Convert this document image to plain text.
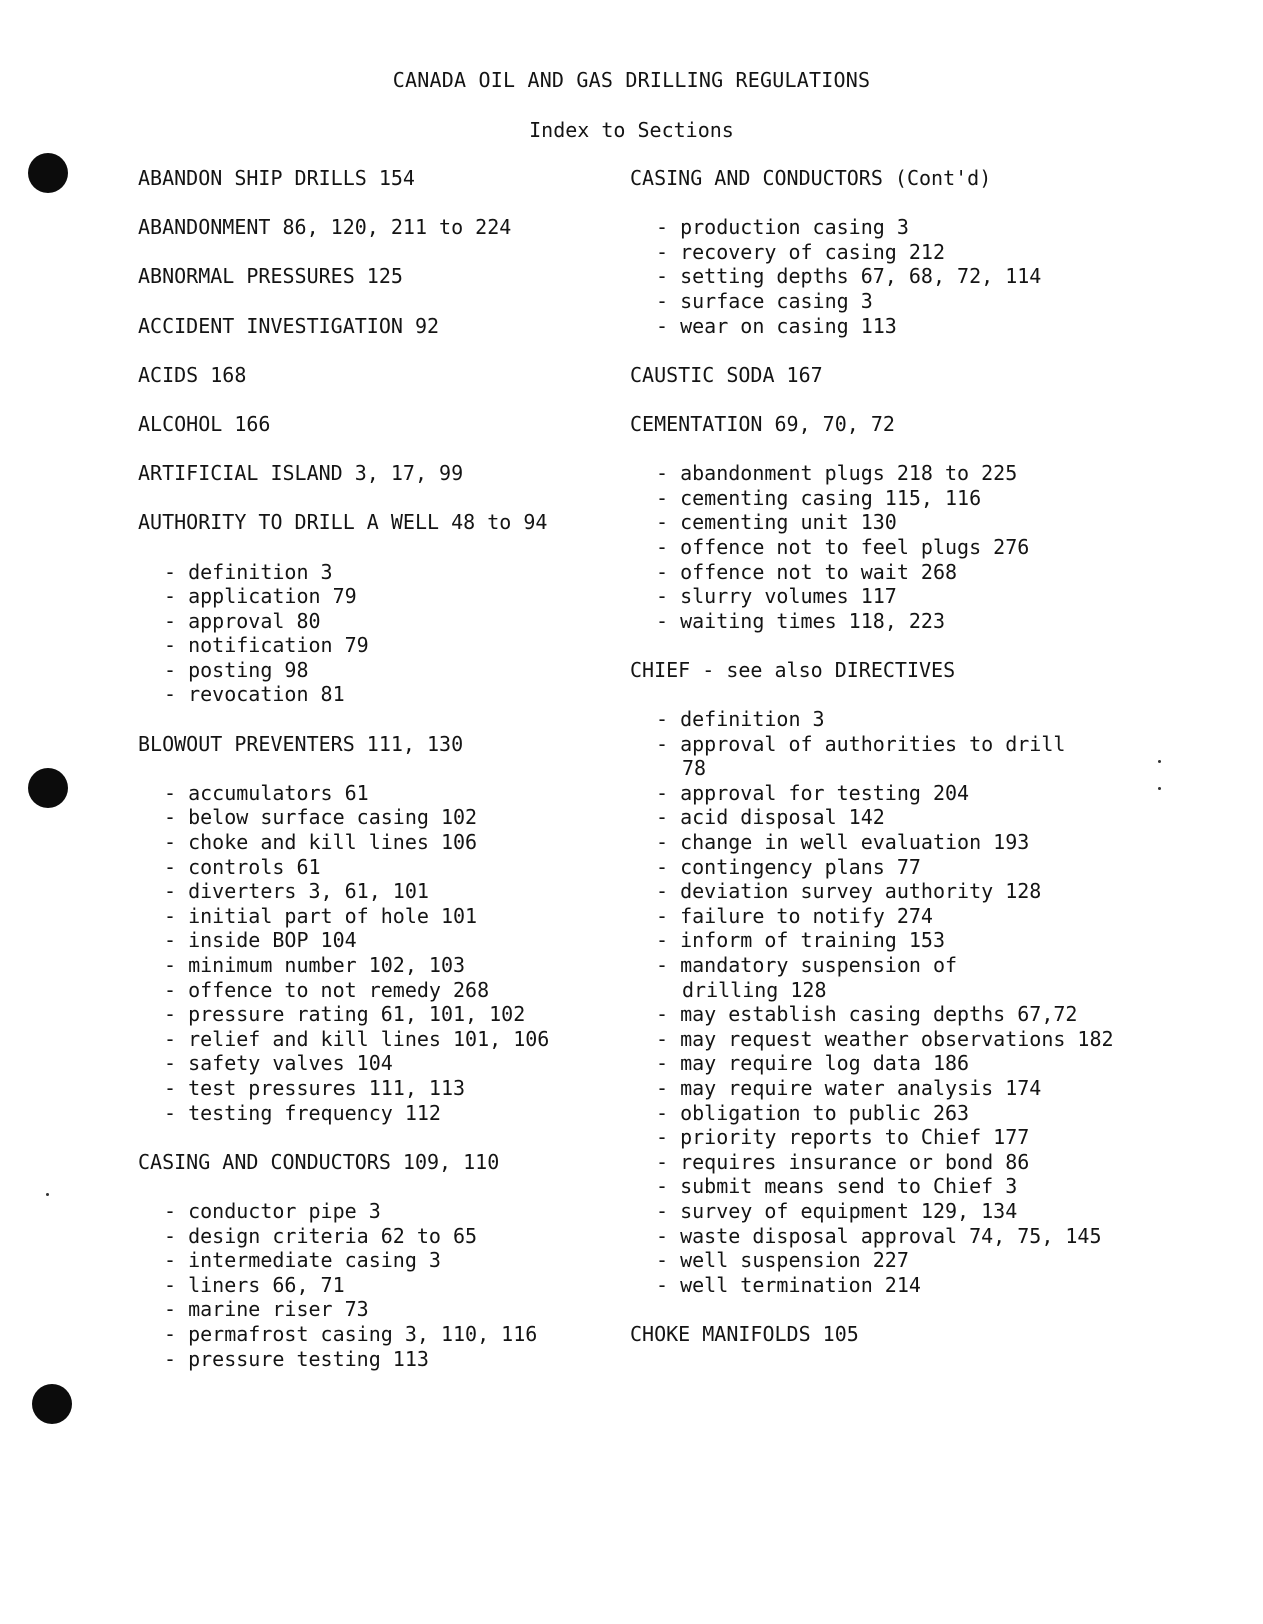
CANADA OIL AND GAS DRILLING REGULATIONS
Index to Sections
ABANDON SHIP DRILLS 154
ABANDONMENT 86, 120, 211 to 224
ABNORMAL PRESSURES 125
ACCIDENT INVESTIGATION 92
ACIDS 168
ALCOHOL 166
ARTIFICIAL ISLAND 3, 17, 99
AUTHORITY TO DRILL A WELL 48 to 94
- definition 3
- application 79
- approval 80
- notification 79
- posting 98
- revocation 81
BLOWOUT PREVENTERS 111, 130
- accumulators 61
- below surface casing 102
- choke and kill lines 106
- controls 61
- diverters 3, 61, 101
- initial part of hole 101
- inside BOP 104
- minimum number 102, 103
- offence to not remedy 268
- pressure rating 61, 101, 102
- relief and kill lines 101, 106
- safety valves 104
- test pressures 111, 113
- testing frequency 112
CASING AND CONDUCTORS 109, 110
- conductor pipe 3
- design criteria 62 to 65
- intermediate casing 3
- liners 66, 71
- marine riser 73
- permafrost casing 3, 110, 116
- pressure testing 113
CASING AND CONDUCTORS (Cont'd)
- production casing 3
- recovery of casing 212
- setting depths 67, 68, 72, 114
- surface casing 3
- wear on casing 113
CAUSTIC SODA 167
CEMENTATION 69, 70, 72
- abandonment plugs 218 to 225
- cementing casing 115, 116
- cementing unit 130
- offence not to feel plugs 276
- offence not to wait 268
- slurry volumes 117
- waiting times 118, 223
CHIEF - see also DIRECTIVES
- definition 3
- approval of authorities to drill
78
- approval for testing 204
- acid disposal 142
- change in well evaluation 193
- contingency plans 77
- deviation survey authority 128
- failure to notify 274
- inform of training 153
- mandatory suspension of
drilling 128
- may establish casing depths 67,72
- may request weather observations 182
- may require log data 186
- may require water analysis 174
- obligation to public 263
- priority reports to Chief 177
- requires insurance or bond 86
- submit means send to Chief 3
- survey of equipment 129, 134
- waste disposal approval 74, 75, 145
- well suspension 227
- well termination 214
CHOKE MANIFOLDS 105
